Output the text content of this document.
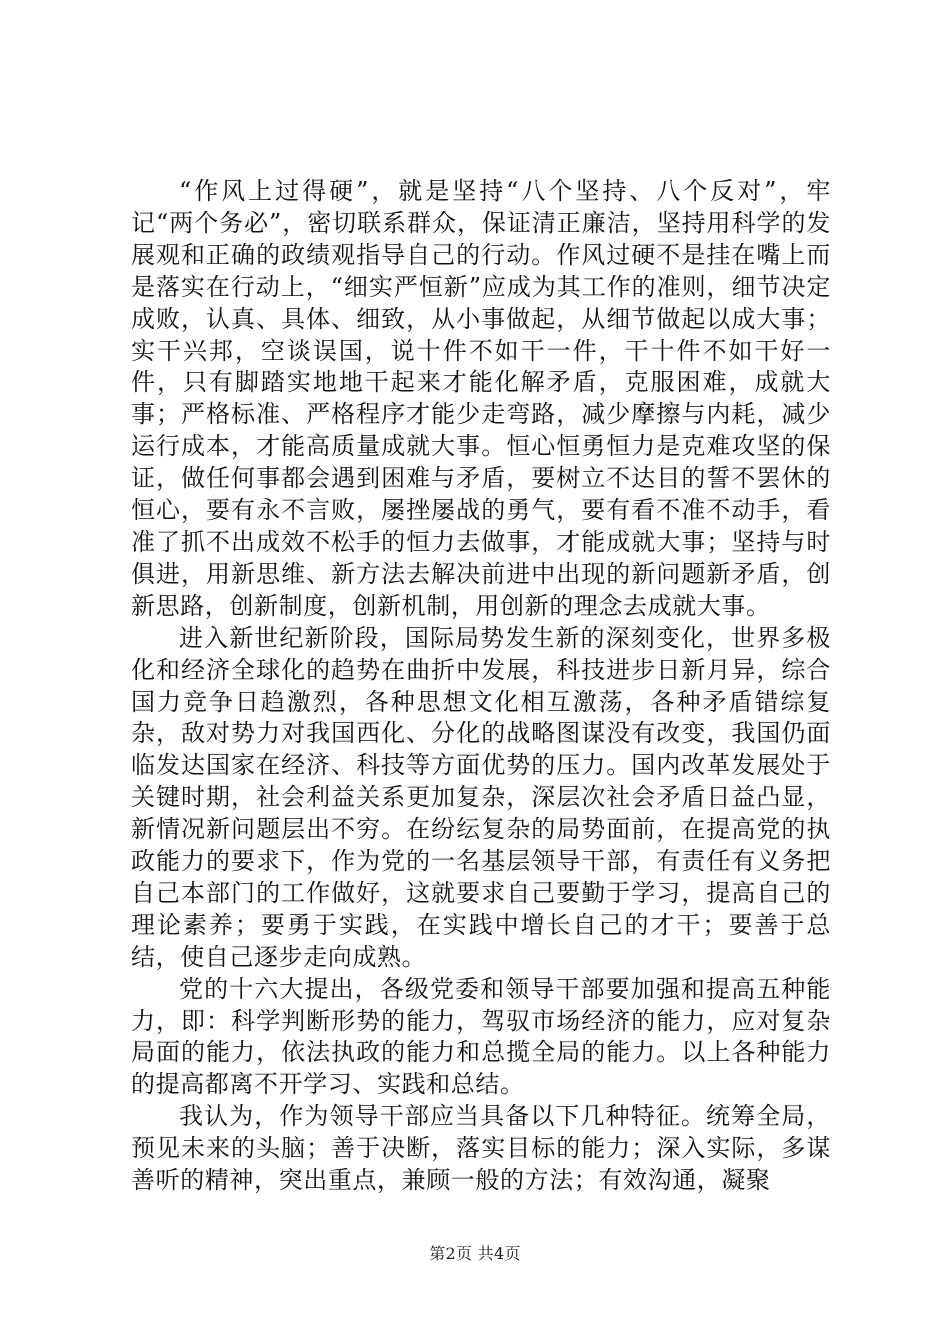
“作风上过得硬”，就是坚持“八个坚持、八个反对”，牢记“两个务必”，密切联系群众，保证清正廉洁，坚持用科学的发展观和正确的政绩观指导自己的行动。作风过硬不是挂在嘴上而是落实在行动上，“细实严恒新”应成为其工作的准则，细节决定成败，认真、具体、细致，从小事做起，从细节做起以成大事；实干兴邦，空谈误国，说十件不如干一件，干十件不如干好一件，只有脚踏实地地干起来才能化解矛盾，克服困难，成就大事；严格标准、严格程序才能少走弯路，减少摩擦与内耗，减少运行成本，才能高质量成就大事。恒心恒勇恒力是克难攻坚的保证，做任何事都会遇到困难与矛盾，要树立不达目的誓不罢休的恒心，要有永不言败，屡挫屡战的勇气，要有看不准不动手，看准了抓不出成效不松手的恒力去做事，才能成就大事；坚持与时俱进，用新思维、新方法去解决前进中出现的新问题新矛盾，创新思路，创新制度，创新机制，用创新的理念去成就大事。

进入新世纪新阶段，国际局势发生新的深刻变化，世界多极化和经济全球化的趋势在曲折中发展，科技进步日新月异，综合国力竞争日趋激烈，各种思想文化相互激荡，各种矛盾错综复杂，敌对势力对我国西化、分化的战略图谋没有改变，我国仍面临发达国家在经济、科技等方面优势的压力。国内改革发展处于关键时期，社会利益关系更加复杂，深层次社会矛盾日益凸显，新情况新问题层出不穷。在纷纭复杂的局势面前，在提高党的执政能力的要求下，作为党的一名基层领导干部，有责任有义务把自己本部门的工作做好，这就要求自己要勤于学习，提高自己的理论素养；要勇于实践，在实践中增长自己的才干；要善于总结，使自己逐步走向成熟。

党的十六大提出，各级党委和领导干部要加强和提高五种能力，即：科学判断形势的能力，驾驭市场经济的能力，应对复杂局面的能力，依法执政的能力和总揽全局的能力。以上各种能力的提高都离不开学习、实践和总结。

我认为，作为领导干部应当具备以下几种特征。统筹全局，预见未来的头脑；善于决断，落实目标的能力；深入实际，多谋善听的精神，突出重点，兼顾一般的方法；有效沟通，凝聚

第2页 共4页
